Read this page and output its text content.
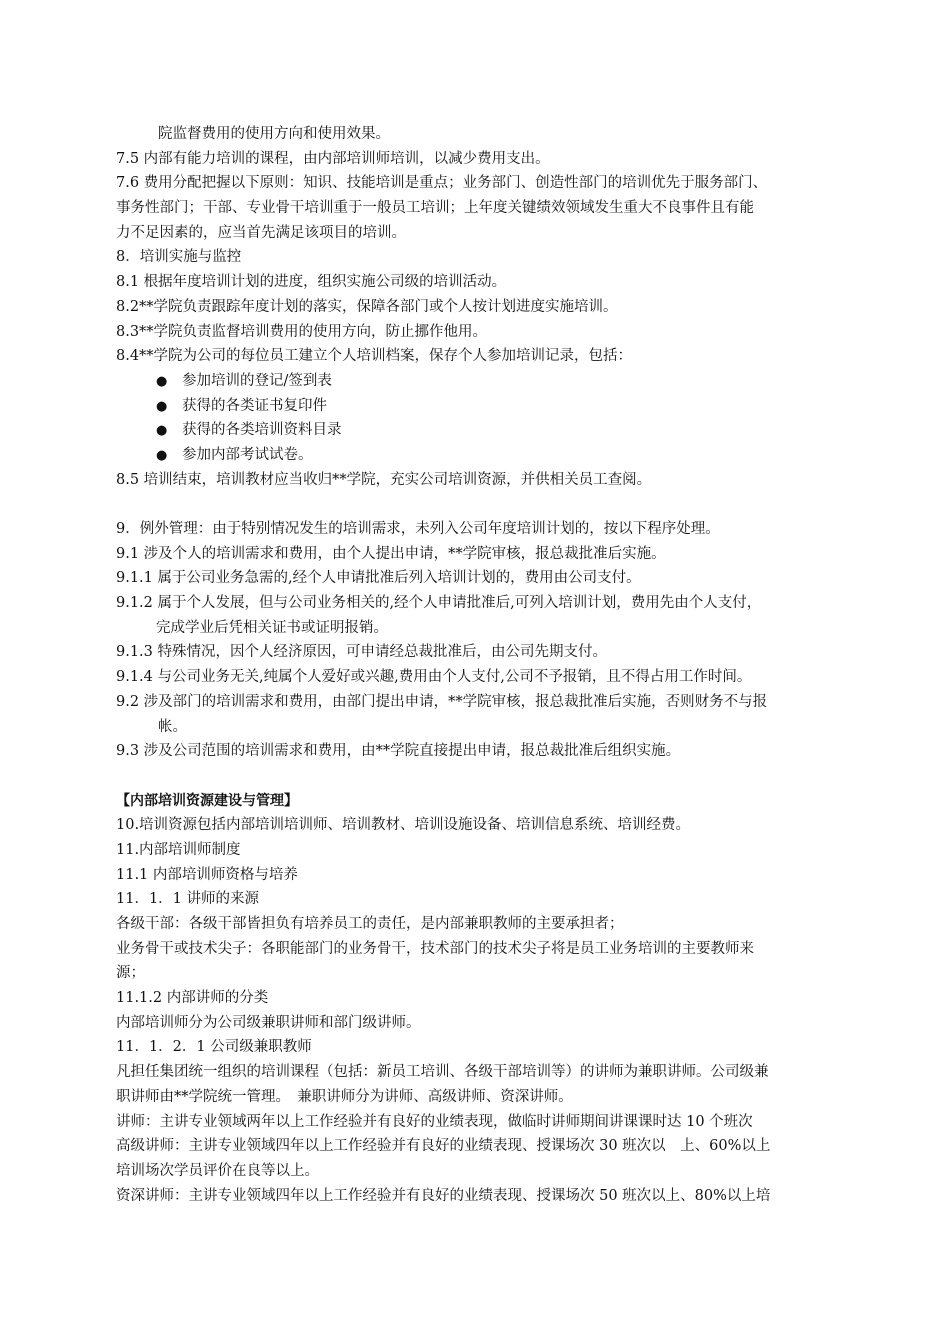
院监督费用的使用方向和使用效果。
7.5 内部有能力培训的课程，由内部培训师培训，以减少费用支出。
7.6 费用分配把握以下原则：知识、技能培训是重点；业务部门、创造性部门的培训优先于服务部门、
事务性部门；干部、专业骨干培训重于一般员工培训；上年度关键绩效领域发生重大不良事件且有能
力不足因素的，应当首先满足该项目的培训。
8．培训实施与监控
8.1 根据年度培训计划的进度，组织实施公司级的培训活动。
8.2**学院负责跟踪年度计划的落实，保障各部门或个人按计划进度实施培训。
8.3**学院负责监督培训费用的使用方向，防止挪作他用。
8.4**学院为公司的每位员工建立个人培训档案，保存个人参加培训记录，包括：
● 参加培训的登记/签到表
● 获得的各类证书复印件
● 获得的各类培训资料目录
● 参加内部考试试卷。
8.5 培训结束，培训教材应当收归**学院，充实公司培训资源，并供相关员工查阅。
9．例外管理：由于特别情况发生的培训需求，未列入公司年度培训计划的，按以下程序处理。
9.1 涉及个人的培训需求和费用，由个人提出申请，**学院审核，报总裁批准后实施。
9.1.1 属于公司业务急需的,经个人申请批准后列入培训计划的，费用由公司支付。
9.1.2 属于个人发展，但与公司业务相关的,经个人申请批准后,可列入培训计划，费用先由个人支付，
完成学业后凭相关证书或证明报销。
9.1.3 特殊情况，因个人经济原因，可申请经总裁批准后，由公司先期支付。
9.1.4 与公司业务无关,纯属个人爱好或兴趣,费用由个人支付,公司不予报销，且不得占用工作时间。
9.2 涉及部门的培训需求和费用，由部门提出申请，**学院审核，报总裁批准后实施，否则财务不与报
帐。
9.3 涉及公司范围的培训需求和费用，由**学院直接提出申请，报总裁批准后组织实施。
【内部培训资源建设与管理】
10.培训资源包括内部培训培训师、培训教材、培训设施设备、培训信息系统、培训经费。
11.内部培训师制度
11.1 内部培训师资格与培养
11．1．1 讲师的来源
各级干部：各级干部皆担负有培养员工的责任，是内部兼职教师的主要承担者；
业务骨干或技术尖子：各职能部门的业务骨干，技术部门的技术尖子将是员工业务培训的主要教师来
源；
11.1.2 内部讲师的分类
内部培训师分为公司级兼职讲师和部门级讲师。
11．1．2．1 公司级兼职教师
凡担任集团统一组织的培训课程（包括：新员工培训、各级干部培训等）的讲师为兼职讲师。公司级兼
职讲师由**学院统一管理。　兼职讲师分为讲师、高级讲师、资深讲师。
讲师：主讲专业领域两年以上工作经验并有良好的业绩表现，做临时讲师期间讲课课时达 10 个班次
高级讲师：主讲专业领域四年以上工作经验并有良好的业绩表现、授课场次 30 班次以　上、60%以上
培训场次学员评价在良等以上。
资深讲师：主讲专业领域四年以上工作经验并有良好的业绩表现、授课场次 50 班次以上、80%以上培
